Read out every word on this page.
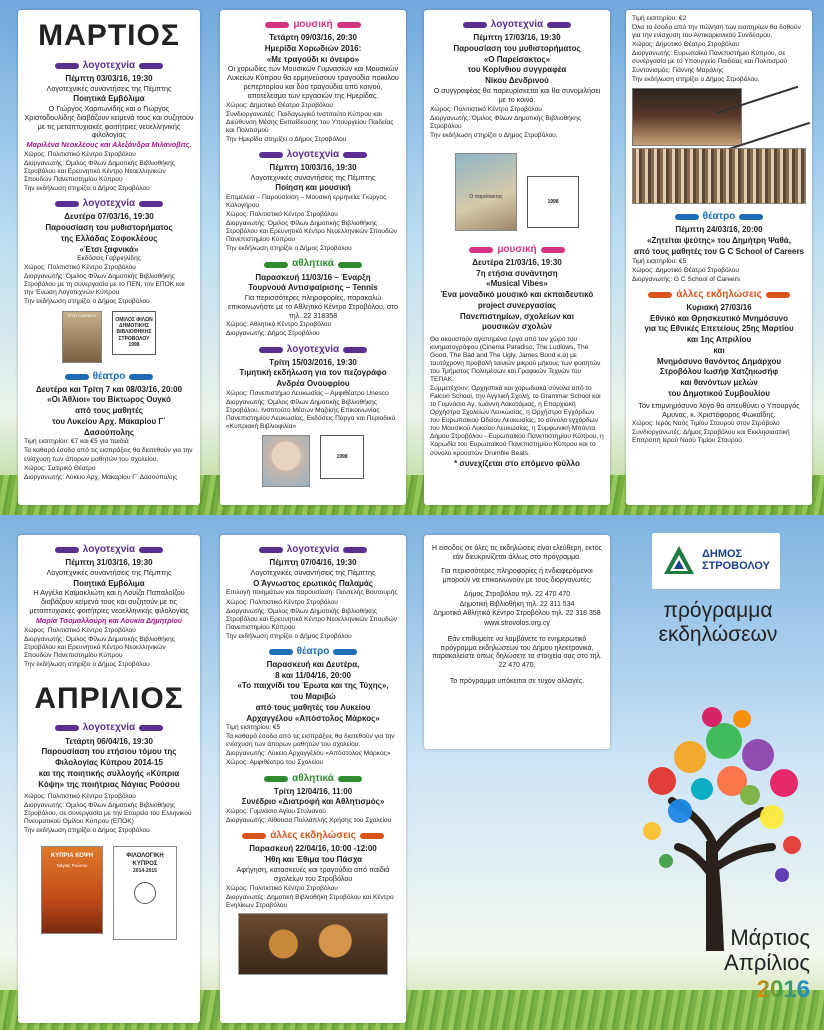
ΜΑΡΤΙΟΣ
λογοτεχνία

Πέμπτη 03/03/16, 19:30

Λογοτεχνικές συναντήσεις της Πέμπτης

Ποιητικά Εμβόλιμα

Ο Γιώργος Χαριτωνίδης και ο Γιώργος Χριστοδουλίδης διαβάζουν κείμενά τους και συζητούν με τις μεταπτυχιακές φοιτήτριες νεοελληνικής φιλολογίας

Μαριλένα Νεοκλέους και Αλεξάνδρα Μιλάνοβιτς.

Χώρος: Πολιτιστικό Κέντρο Στροβόλου

Διοργανωτής: Όμιλος Φίλων Δημοτικής Βιβλιοθήκης Στροβόλου και Ερευνητικό Κέντρο Νεοελληνικών Σπουδών Πανεπιστημίου Κύπρου

Την εκδήλωση στηρίζει ο Δήμος Στροβόλου

λογοτεχνία

Δευτέρα 07/03/16, 19:30

Παρουσίαση του μυθιστορήματος

της Ελλάδας Σοφοκλέους

«Έτσι ξαφνικά»

Εκδόσεις Γαβριηλίδης

Χώρος: Πολιτιστικό Κέντρο Στροβόλου

Διοργανωτής: Όμιλος Φίλων Δημοτικής Βιβλιοθήκης Στροβόλου με τη συνεργασία με το ΠΕΝ, τον ΕΠΟΚ και την Ένωση Λογοτεχνών Κύπρου

Την εκδήλωση στηρίζει ο Δήμος Στροβόλου

ΕΤΣΙ ΞΑΦΝΙΚΑ

ΟΜΙΛΟΣ ΦΙΛΩΝ
ΔΗΜΟΤΙΚΗΣ ΒΙΒΛΙΟΘΗΚΗΣ
ΣΤΡΟΒΟΛΟΥ
1998
θέατρο

Δευτέρα και Τρίτη 7 και 08/03/16, 20:00

«Οι Άθλιοι» του Βίκτωρος Ουγκό

από τους μαθητές

του Λυκείου Αρχ. Μακαρίου Γ΄

Δασούπολης

Τιμή εισιτηρίου: €7 και €5 για παιδιά

Τα καθαρά έσοδα από τις εισπράξεις θα διατεθούν για την ενίσχυση των άπορων μαθητών του σχολείου.

Χώρος: Σατιρικό Θέατρο

Διοργανωτής: Λύκειο Αρχ. Μακαρίου Γ΄ Δασούπολης

μουσική

Τετάρτη 09/03/16, 20:30

Ημερίδα Χορωδιών 2016:

«Με τραγούδι κι όνειρο»

Οι χορωδίες των Μουσικών Γυμνασίων και Μουσικών Λυκείων Κύπρου θα ερμηνεύσουν τραγούδια ποικίλου ρεπερτορίου και δύο τραγούδια από κοινού, αποτέλεσμα των εργασιών της Ημερίδας.

Χώρος: Δημοτικό Θέατρο Στροβόλου

Συνδιοργανωτές: Παιδαγωγικό Ινστιτούτο Κύπρου και Διεύθυνση Μέσης Εκπαίδευσης του Υπουργείου Παιδείας και Πολιτισμού

Την Ημερίδα στηρίζει ο Δήμος Στροβόλου

λογοτεχνία

Πέμπτη 10/03/16, 19:30

Λογοτεχνικές συναντήσεις της Πέμπτης

Ποίηση και μουσική

Επιμέλεια – Παρουσίαση – Μουσική ερμηνεία: Γιώργος Καλογήρου

Χώρος: Πολιτιστικό Κέντρο Στροβόλου

Διοργανωτής: Όμιλος Φίλων Δημοτικής Βιβλιοθήκης Στροβόλου και Ερευνητικό Κέντρο Νεοελληνικών Σπουδών Πανεπιστημίου Κύπρου

Την εκδήλωση στηρίζει ο Δήμος Στροβόλου

αθλητικά

Παρασκευή 11/03/16 – Έναρξη

Τουρνουά Αντισφαίρισης – Tennis

Για περισσότερες πληροφορίες, παρακαλώ επικοινωνήστε με το Αθλητικό Κέντρο Στροβόλου, στο τηλ. 22 318358

Χώρος: Αθλητικό Κέντρο Στροβόλου

Διοργανωτής: Δήμος Στροβόλου

λογοτεχνία

Τρίτη 15/03/2016, 19:30

Τιμητική εκδήλωση για τον πεζογράφο

Ανδρέα Ονουφρίου

Χώρος: Πανεπιστήμιο Λευκωσίας – Αμφιθέατρο Unesco

Διοργανωτής: Όμιλος Φίλων Δημοτικής Βιβλιοθήκης Στροβόλου, Ινστιτούτο Μέσων Μαζικής Επικοινωνίας Πανεπιστημίου Λευκωσίας, Εκδόσεις Πάργα και Περιοδικό «Κυπριακή Βιβλιοφιλία»

1998
λογοτεχνία

Πέμπτη 17/03/16, 19:30

Παρουσίαση του μυθιστορήματος

«Ο Παρείσακτος»

του Κορίνθιου συγγραφέα

Νίκου Δενδρινού

Ο συγγραφέας θα παρευρίσκεται και θα συνομιλήσει με το κοινό.

Χώρος: Πολιτιστικό Κέντρο Στροβόλου

Διοργανωτής: Όμιλος Φίλων Δημοτικής Βιβλιοθήκης Στροβόλου

Την εκδήλωση στηρίζει ο Δήμος Στροβόλου.

Ο παρείσακτος

1998
μουσική

Δευτέρα 21/03/16, 19:30

7η ετήσια συνάντηση

«Musical Vibes»

Ένα μοναδικό μουσικό και εκπαιδευτικό

project συνεργασίας

Πανεπιστημίων, σχολείων και

μουσικών σχολών

Θα ακουστούν αγαπημένα έργα από τον χώρο του κινηματογράφου (Cinema Paradiso, The Ludlows, The Good, The Bad and The Ugly, James Bond κ.α) με ταυτόχρονη προβολή ταινιών μικρού μήκους των φοιτητών του Τμήματος Πολυμέσων και Γραφικών Τεχνών του ΤΕΠΑΚ.

Συμμετέχουν: Ορχηστικά και χορωδιακά σύνολα από το Falcon School, την Αγγλική Σχολή, το Grammar School και το Γυμνάσιο Αγ. Ιωάννη Λακατάμιας, η Επαρχιακή Ορχήστρα Σχολείων Λευκωσίας, η Ορχήστρα Εγχόρδων του Ευρωπαϊκού Ωδείου Λευκωσίας, το σύνολο εγχόρδων του Μουσικού Λυκείου Λευκωσίας, η Συμφωνική Μπάντα Δήμου Στροβόλου - Ευρωπαϊκού Πανεπιστημίου Κύπρου, η Χορωδία του Ευρωπαϊκού Πανεπιστημίου Κύπρου και το σύνολο κρουστών Drumble Beats.

* συνεχίζεται στο επόμενο φύλλο

Τιμή εισιτηρίου: €2

Όλα τα έσοδα από την πώληση των εισιτηρίων θα δοθούν για την ενίσχυση του Αντικαρκινικού Συνδέσμου.

Χώρος: Δημοτικό Θέατρο Στροβόλου

Διοργανωτής: Ευρωπαϊκό Πανεπιστήμιο Κύπρου, σε συνεργασία με το Υπουργείο Παιδείας και Πολιτισμού

Συντονισμός: Γιάννης Μαράλης

Την εκδήλωση στηρίζει ο Δήμος Στροβόλου.

θέατρο

Πέμπτη 24/03/16, 20:00

«Ζητείται ψεύτης» του Δημήτρη Ψαθά,

από τους μαθητές του G C School of Careers

Τιμή εισιτηρίου: €5

Χώρος: Δημοτικό Θέατρο Στροβόλου

Διοργανωτής: G C School of Careers

άλλες εκδηλώσεις

Κυριακή 27/03/16

Εθνικό και Θρησκευτικό Μνημόσυνο

για τις Εθνικές Επετείους 25ης Μαρτίου

και 1ης Απριλίου

και

Μνημόσυνο θανόντος Δημάρχου

Στροβόλου Ιωσήφ Χατζηιωσήφ

και θανόντων μελών

του Δημοτικού Συμβουλίου

Τον επιμνημόσυνο λόγο θα απευθύνει ο Υπουργός Άμυνας, κ. Χριστόφορος Φωκαΐδης.

Χώρος: Ιερός Ναός Τιμίου Σταυρού στον Στρόβολο

Συνδιοργανωτές: Δήμος Στροβόλου και Εκκλησιαστική Επιτροπή Ιερού Ναού Τιμίου Σταυρού

λογοτεχνία

Πέμπτη 31/03/16, 19:30

Λογοτεχνικές συναντήσεις της Πέμπτης

Ποιητικά Εμβόλιμα

Η Αγγέλα Καϊμακλιώτη και η Λουίζα Παπαλοΐζου διαβάζουν κείμενά τους και συζητούν με τις μεταπτυχιακές φοιτήτριες νεοελληνικής φιλολογίας

Μαρία Τσομαλλούρη και Λουκία Δημητρίου

Χώρος: Πολιτιστικό Κέντρο Στροβόλου

Διοργανωτής: Όμιλος Φίλων Δημοτικής Βιβλιοθήκης Στροβόλου και Ερευνητικό Κέντρο Νεοελληνικών Σπουδών Πανεπιστημίου Κύπρου

Την εκδήλωση στηρίζει ο Δήμος Στροβόλου

ΑΠΡΙΛΙΟΣ
λογοτεχνία

Τετάρτη 06/04/16, 19:30

Παρουσίαση του ετήσιου τόμου της

Φιλολογίας Κύπρου 2014-15

και της ποιητικής συλλογής «Κύπρια

Κόψη» της ποιήτριας Νάγιας Ρούσου

Χώρος: Πολιτιστικό Κέντρο Στροβόλου

Διοργανωτής: Όμιλος Φίλων Δημοτικής Βιβλιοθήκης Στροβόλου, σε συνεργασία με την Εταιρεία του Ελληνικού Πνευματικού Ομίλου Κύπρου (ΕΠΟΚ)

Την εκδήλωση στηρίζει ο Δήμος Στροβόλου

ΚΥΠΡΙΑ ΚΟΨΗ
Νάγιας Ρούσου

ΦΙΛΟΛΟΓΙΚΗ ΚΥΠΡΟΣ
2014-2015
λογοτεχνία

Πέμπτη 07/04/16, 19:30

Λογοτεχνικές συναντήσεις της Πέμπτης

Ο Άγνωστος ερωτικός Παλαμάς

Επιλογή ποιημάτων και παρουσίαση: Παντελής Βουτουρής

Χώρος: Πολιτιστικό Κέντρο Στροβόλου

Διοργανωτής: Όμιλος Φίλων Δημοτικής Βιβλιοθήκης Στροβόλου και Ερευνητικό Κέντρο Νεοελληνικών Σπουδών Πανεπιστημίου Κύπρου

Την εκδήλωση στηρίζει ο Δήμος Στροβόλου

θέατρο

Παρασκευή και Δευτέρα,

8 και 11/04/16, 20:00

«Το παιχνίδι του Έρωτα και της Τύχης»,

του Μαριβώ

από τους μαθητές του Λυκείου

Αρχαγγέλου «Απόστολος Μάρκος»

Τιμή εισιτηρίου: €5

Τα καθαρά έσοδα από τις εισπράξεις θα διατεθούν για την ενίσχυση των άπορων μαθητών του σχολείου.

Διοργανωτής: Λύκειο Αρχαγγέλου «Απόστολος Μάρκος»

Χώρος: Αμφιθέατρο του Σχολείου

αθλητικά

Τρίτη 12/04/16, 11:00

Συνέδριο «Διατροφή και Αθλητισμός»

Χώρος: Γυμνάσιο Αγίου Στυλιανού

Διοργανωτής: Αίθουσα Πολλαπλής Χρήσης του Σχολείου

άλλες εκδηλώσεις

Παρασκευή 22/04/16, 10:00 -12:00

Ήθη και Έθιμα του Πάσχα

Αφήγηση, κατασκευές και τραγούδια από παιδιά σχολείων του Στροβόλου

Χώρος: Πολιτιστικό Κέντρο Στροβόλου

Διοργανωτές: Δημοτική Βιβλιοθήκη Στροβόλου και Κέντρο Ενηλίκων Στροβόλου

Η είσοδος σε όλες τις εκδηλώσεις είναι ελεύθερη, εκτός εάν διευκρινίζεται άλλως στο πρόγραμμα.

Για περισσότερες πληροφορίες ή ενδιαφερόμενοι μπορούν να επικοινωνούν με τους διοργανωτές:

Δήμος Στροβόλου τηλ. 22 470 470

Δημοτική Βιβλιοθήκη τηλ. 22 311 534

Δημοτικό Αθλητικό Κέντρο Στροβόλου τηλ. 22 318 358

www.strovolos.org.cy

Εάν επιθυμείτε να λαμβάνετε το ενημερωτικό πρόγραμμα εκδηλώσεων του Δήμου ηλεκτρονικά, παρακαλείστε όπως δηλώσετε τα στοιχεία σας στο τηλ. 22 470 470.

Το πρόγραμμα υπόκειται σε τυχόν αλλαγές.

ΔΗΜΟΣ
ΣΤΡΟΒΟΛΟΥ
πρόγραμμα
εκδηλώσεων
Μάρτιος
Απρίλιος
2016
